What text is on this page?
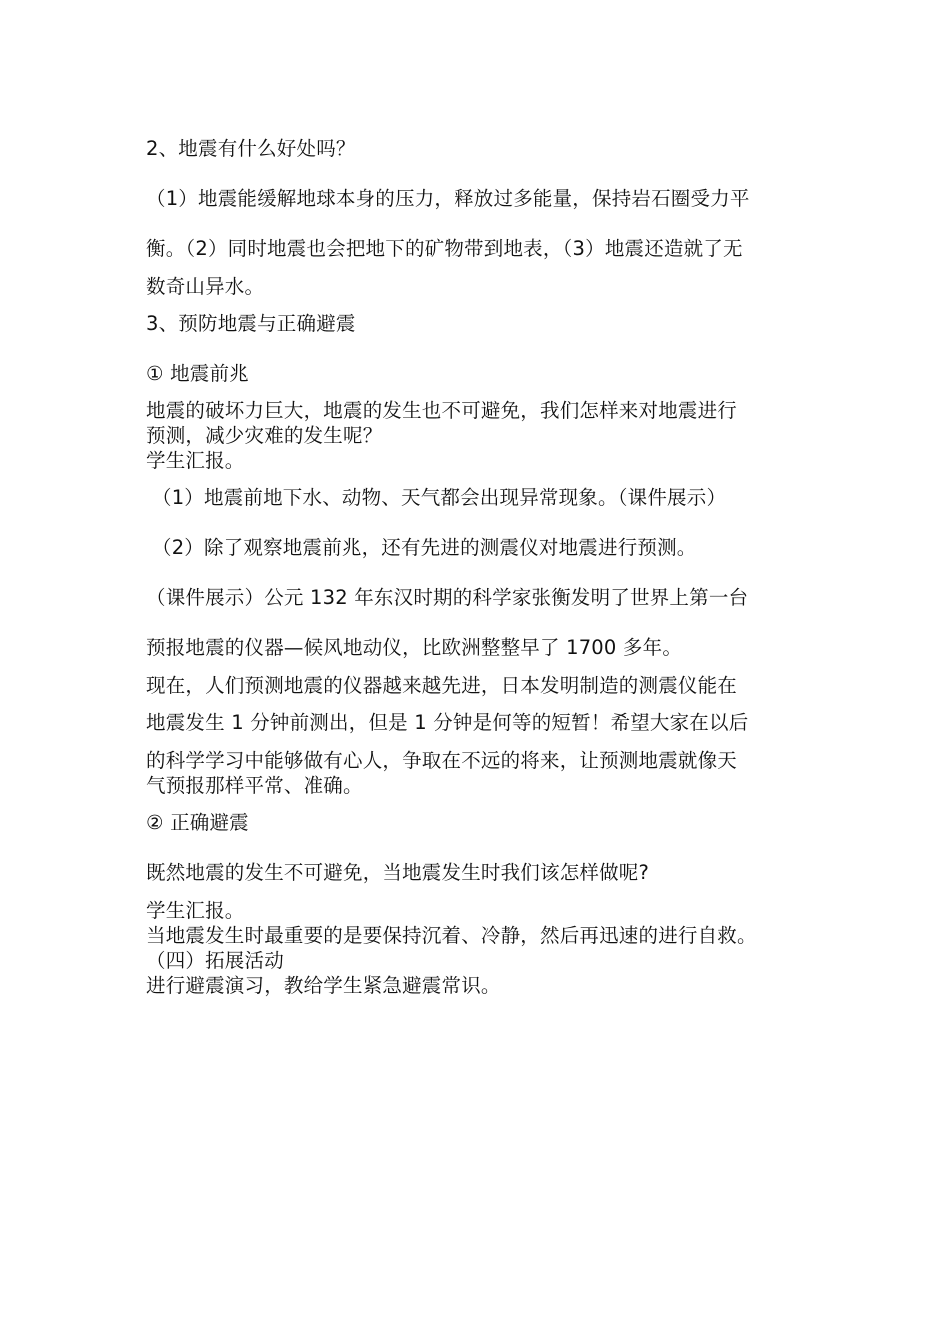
2、地震有什么好处吗？
（1）地震能缓解地球本身的压力，释放过多能量，保持岩石圈受力平
衡。（2）同时地震也会把地下的矿物带到地表，（3）地震还造就了无
数奇山异水。
3、预防地震与正确避震
① 地震前兆
地震的破坏力巨大，地震的发生也不可避免，我们怎样来对地震进行
预测，减少灾难的发生呢？
学生汇报。
（1）地震前地下水、动物、天气都会出现异常现象。（课件展示）
（2）除了观察地震前兆，还有先进的测震仪对地震进行预测。
（课件展示）公元 132 年东汉时期的科学家张衡发明了世界上第一台
预报地震的仪器—候风地动仪，比欧洲整整早了 1700 多年。
现在，人们预测地震的仪器越来越先进，日本发明制造的测震仪能在
地震发生 1 分钟前测出，但是 1 分钟是何等的短暂！希望大家在以后
的科学学习中能够做有心人，争取在不远的将来，让预测地震就像天
气预报那样平常、准确。
② 正确避震
既然地震的发生不可避免，当地震发生时我们该怎样做呢?
学生汇报。
当地震发生时最重要的是要保持沉着、冷静，然后再迅速的进行自救。
（四）拓展活动
进行避震演习，教给学生紧急避震常识。
